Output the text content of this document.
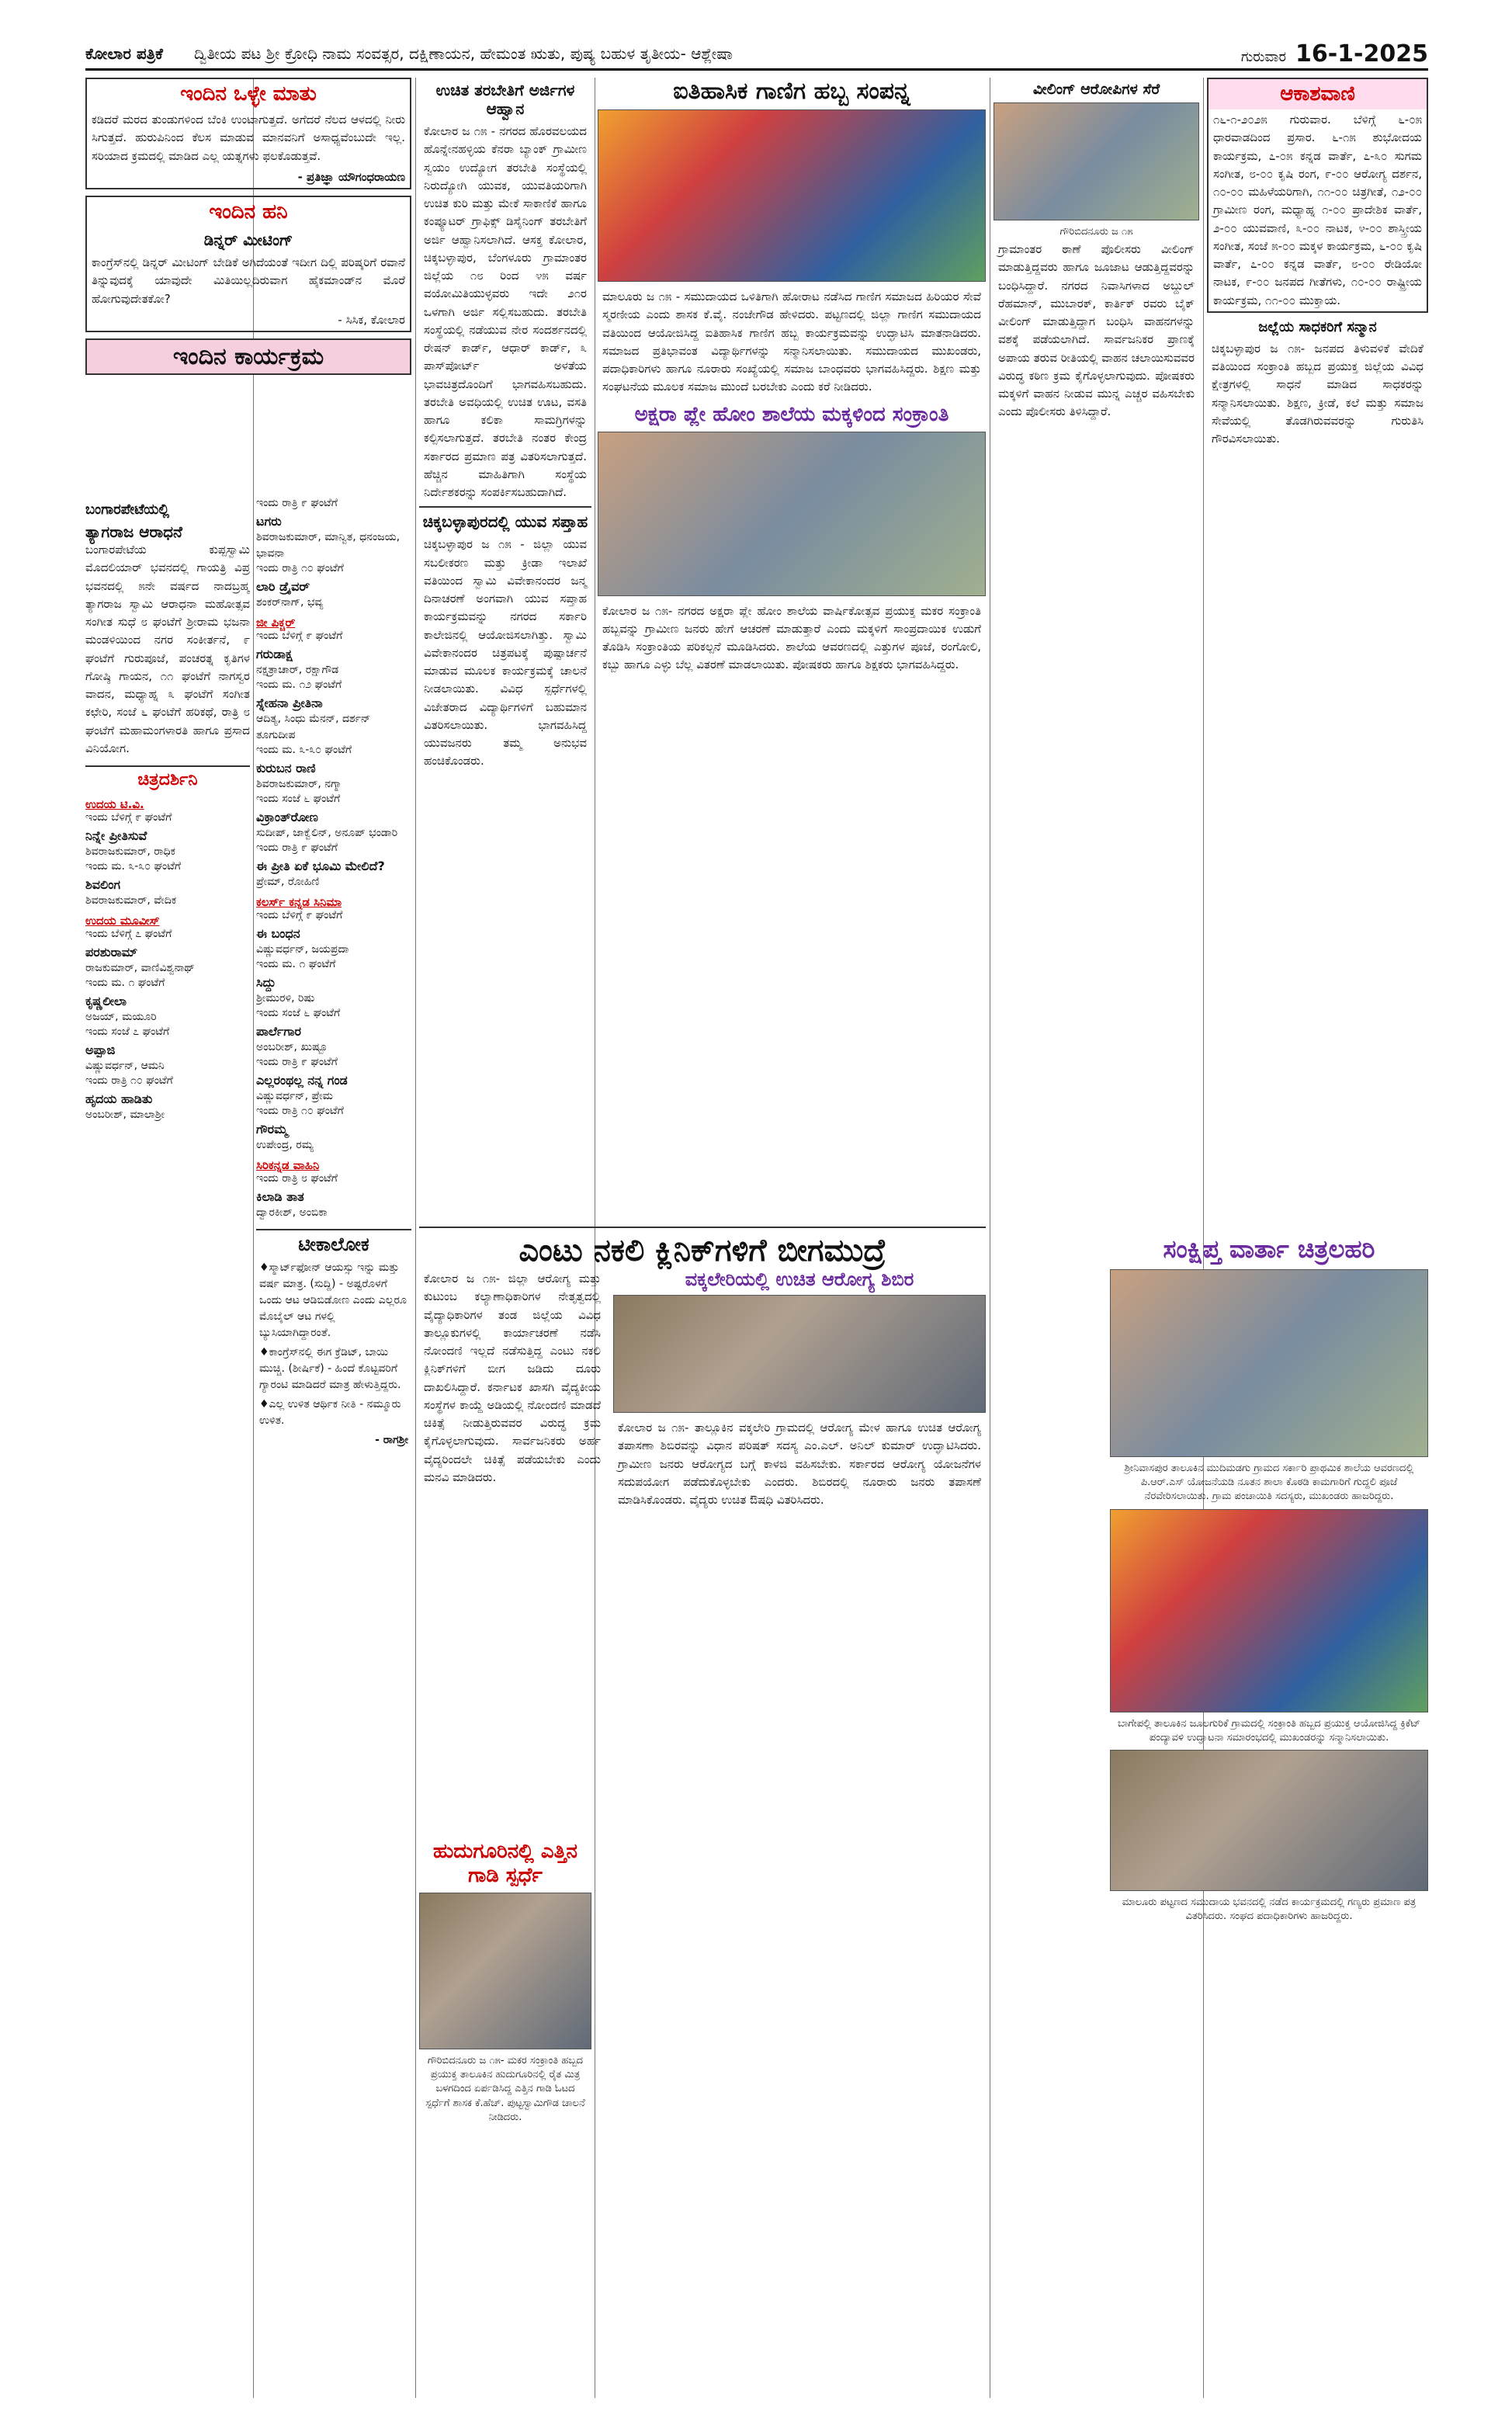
ಕೋಲಾರ ಪತ್ರಿಕೆ	ದ್ವಿತೀಯ ಪಟ ಶ್ರೀ ಕ್ರೋಧಿ ನಾಮ ಸಂವತ್ಸರ, ದಕ್ಷಿಣಾಯನ, ಹೇಮಂತ ಋತು, ಪುಷ್ಯ ಬಹುಳ ತೃತೀಯ- ಆಶ್ಲೇಷಾ	ಗುರುವಾರ 16-1-2025
ಇಂದಿನ ಒಳ್ಳೇ ಮಾತು
ಕಡಿದರೆ ಮರದ ತುಂಡುಗಳಿಂದ ಬೆಂಕಿ ಉಂಟಾಗುತ್ತದೆ. ಅಗೆದರೆ ನೆಲದ ಆಳದಲ್ಲಿ ನೀರು ಸಿಗುತ್ತದೆ. ಹುರುಪಿನಿಂದ ಕೆಲಸ ಮಾಡುವ ಮಾನವನಿಗೆ ಅಸಾಧ್ಯವೆಂಬುದೇ ಇಲ್ಲ. ಸರಿಯಾದ ಕ್ರಮದಲ್ಲಿ ಮಾಡಿದ ಎಲ್ಲ ಯತ್ನಗಳು ಫಲಕೊಡುತ್ತವೆ.
- ಪ್ರತಿಜ್ಞಾ ಯೌಗಂಧರಾಯಣ
ಇಂದಿನ ಹನಿ
ಡಿನ್ನರ್ ಮೀಟಿಂಗ್
ಕಾಂಗ್ರೆಸ್‌ನಲ್ಲಿ ಡಿನ್ನರ್ ಮೀಟಿಂಗ್ ಬೇಡಿಕೆ ಅಗಿದೆಯಂತೆ ಇದೀಗ ದಿಲ್ಲಿ ಪರಿಷ್ಕರಿಗೆ ರವಾನೆ ತಿನ್ನುವುದಕ್ಕೆ ಯಾವುದೇ ಮಿತಿಯಿಲ್ಲದಿರುವಾಗ ಹೈಕಮಾಂಡ್‌ನ ಮೊರೆ ಹೋಗುವುದೇತಕೋ?
- ಸಿಸಿಕ, ಕೋಲಾರ
ಇಂದಿನ ಕಾರ್ಯಕ್ರಮ
ಬಂಗಾರಪೇಟೆಯಲ್ಲಿ
ತ್ಯಾಗರಾಜ ಆರಾಧನೆ
ಬಂಗಾರಪೇಟೆಯ ಕುಪ್ಪಸ್ವಾಮಿ ಮೊದಲಿಯಾರ್ ಭವನದಲ್ಲಿ ಗಾಯತ್ರಿ ವಿಪ್ರ ಭವನದಲ್ಲಿ ೫ನೇ ವರ್ಷದ ನಾದಬ್ರಹ್ಮ ತ್ಯಾಗರಾಜ ಸ್ವಾಮಿ ಆರಾಧನಾ ಮಹೋತ್ಸವ ಸಂಗೀತ ಸುಧೆ ೮ ಘಂಟೆಗೆ ಶ್ರೀರಾಮ ಭಜನಾ ಮಂಡಳಿಯಿಂದ ನಗರ ಸಂಕೀರ್ತನೆ, ೯ ಘಂಟೆಗೆ ಗುರುಪೂಜೆ, ಪಂಚರತ್ನ ಕೃತಿಗಳ ಗೋಷ್ಠಿ ಗಾಯನ, ೧೧ ಘಂಟೆಗೆ ನಾಗಸ್ವರ ವಾದನ, ಮಧ್ಯಾಹ್ನ ೩ ಘಂಟೆಗೆ ಸಂಗೀತ ಕಛೇರಿ, ಸಂಜೆ ೬ ಘಂಟೆಗೆ ಹರಿಕಥೆ, ರಾತ್ರಿ ೮ ಘಂಟೆಗೆ ಮಹಾಮಂಗಳಾರತಿ ಹಾಗೂ ಪ್ರಸಾದ ವಿನಿಯೋಗ.
ಚಿತ್ರದರ್ಶಿನಿ
ಉದಯ ಟಿ.ವಿ.
ಇಂದು ಬೆಳಿಗ್ಗೆ ೯ ಘಂಟೆಗೆ
ನಿನ್ನೇ ಪ್ರೀತಿಸುವೆ
ಶಿವರಾಜಕುಮಾರ್, ರಾಧಿಕ
ಇಂದು ಮ. ೩-೩೦ ಘಂಟೆಗೆ
ಶಿವಲಿಂಗ
ಶಿವರಾಜಕುಮಾರ್, ವೇದಿಕ
ಉದಯ ಮೂವೀಸ್
ಇಂದು ಬೆಳಿಗ್ಗೆ ೭ ಘಂಟೆಗೆ
ಪರಶುರಾಮ್
ರಾಜಕುಮಾರ್, ವಾಣಿವಿಶ್ವನಾಥ್
ಇಂದು ಮ. ೧ ಘಂಟೆಗೆ
ಕೃಷ್ಣಲೀಲಾ
ಅಜಯ್, ಮಯೂರಿ
ಇಂದು ಸಂಜೆ ೭ ಘಂಟೆಗೆ
ಅಪ್ಪಾಜಿ
ವಿಷ್ಣುವರ್ಧನ್, ಆಮನಿ
ಇಂದು ರಾತ್ರಿ ೧೦ ಘಂಟೆಗೆ
ಹೃದಯ ಹಾಡಿತು
ಅಂಬರೀಶ್, ಮಾಲಾಶ್ರೀ
ಇಂದು ರಾತ್ರಿ ೯ ಘಂಟೆಗೆ
ಟಗರು
ಶಿವರಾಜಕುಮಾರ್, ಮಾನ್ವಿತ, ಧನಂಜಯ, ಭಾವನಾ
ಇಂದು ರಾತ್ರಿ ೧೦ ಘಂಟೆಗೆ
ಲಾರಿ ಡ್ರೈವರ್
ಶಂಕರ್‌ನಾಗ್, ಭವ್ಯ
ಜೀ ಪಿಕ್ಚರ್
ಇಂದು ಬೆಳಿಗ್ಗೆ ೯ ಘಂಟೆಗೆ
ಗರುಡಾಕ್ಷ
ನಕ್ಷತ್ರಾಚಾರ್, ರಕ್ಷಾಗೌಡ
ಇಂದು ಮ. ೧೨ ಘಂಟೆಗೆ
ಸ್ನೇಹನಾ ಪ್ರೀತಿನಾ
ಆದಿತ್ಯ, ಸಿಂಧು ಮೆನನ್, ದರ್ಶನ್ ತೂಗುದೀಪ
ಇಂದು ಮ. ೩-೩೦ ಘಂಟೆಗೆ
ಕುರುಬನ ರಾಣಿ
ಶಿವರಾಜಕುಮಾರ್, ನಗ್ಮಾ
ಇಂದು ಸಂಜೆ ೬ ಘಂಟೆಗೆ
ವಿಕ್ರಾಂತ್‌ರೋಣ
ಸುದೀಪ್, ಜಾಕ್ವೆಲಿನ್, ಅನೂಪ್ ಭಂಡಾರಿ
ಇಂದು ರಾತ್ರಿ ೯ ಘಂಟೆಗೆ
ಈ ಪ್ರೀತಿ ಏಕೆ ಭೂಮಿ ಮೇಲಿದೆ?
ಪ್ರೇಮ್, ರೋಹಿಣಿ
ಕಲರ್ಸ್ ಕನ್ನಡ ಸಿನಿಮಾ
ಇಂದು ಬೆಳಿಗ್ಗೆ ೯ ಘಂಟೆಗೆ
ಈ ಬಂಧನ
ವಿಷ್ಣುವರ್ಧನ್, ಜಯಪ್ರದಾ
ಇಂದು ಮ. ೧ ಘಂಟೆಗೆ
ಸಿದ್ದು
ಶ್ರೀಮುರಳಿ, ರಿಷು
ಇಂದು ಸಂಜೆ ೬ ಘಂಟೆಗೆ
ಪಾರ್ಲೆಗಾರ
ಅಂಬರೀಶ್, ಖುಷ್ಬೂ
ಇಂದು ರಾತ್ರಿ ೯ ಘಂಟೆಗೆ
ಎಲ್ಲರಂಥಲ್ಲ ನನ್ನ ಗಂಡ
ವಿಷ್ಣುವರ್ಧನ್, ಪ್ರೇಮ
ಇಂದು ರಾತ್ರಿ ೧೦ ಘಂಟೆಗೆ
ಗೌರಮ್ಮ
ಉಪೇಂದ್ರ, ರಮ್ಯ
ಸಿರಿಕನ್ನಡ ವಾಹಿನಿ
ಇಂದು ರಾತ್ರಿ ೮ ಘಂಟೆಗೆ
ಕಿಲಾಡಿ ತಾತ
ದ್ವಾರಕೀಶ್, ಅಂಬಿಕಾ
ಟೀಕಾಲೋಕ
♦ಸ್ಮಾರ್ಟ್‌ಫೋನ್ ಆಯಸ್ಸು ಇನ್ನು ಮತ್ತು ವರ್ಷ ಮಾತ್ರ. (ಸುದ್ದಿ) - ಅಷ್ಟರೊಳಗೆ ಒಂದು ಆಟ ಆಡಿಬಿಡೋಣ ಎಂದು ಎಲ್ಲರೂ ಮೊಬೈಲ್ ಆಟ ಗಳಲ್ಲಿ ಬ್ಯುಸಿಯಾಗಿದ್ದಾರಂತೆ.
♦ಕಾಂಗ್ರೆಸ್‌ನಲ್ಲಿ ಈಗ ಕ್ರೆಡಿಟ್, ಬಾಯಿ ಮುಚ್ಚಿ. (ಶೀರ್ಷಿಕೆ) - ಹಿಂದೆ ಕೊಟ್ಟವರಿಗೆ ಗ್ಯಾರಂಟಿ ಮಾಡಿದರೆ ಮಾತ್ರ ಹೇಳುತ್ತಿದ್ದರು.
♦ಎಲ್ಲ ಉಳಿತ ಆರ್ಥಿಕ ನೀತಿ - ನಮ್ಮೂರು ಉಳಿತ.
- ರಾಗಶ್ರೀ
ಉಚಿತ ತರಬೇತಿಗೆ ಅರ್ಜಿಗಳ ಆಹ್ವಾನ
ಕೋಲಾರ ಜ ೧೫ - ನಗರದ ಹೊರವಲಯದ ಹೊನ್ನೇನಹಳ್ಳಿಯ ಕೆನರಾ ಬ್ಯಾಂಕ್ ಗ್ರಾಮೀಣ ಸ್ವಯಂ ಉದ್ಯೋಗ ತರಬೇತಿ ಸಂಸ್ಥೆಯಲ್ಲಿ ನಿರುದ್ಯೋಗಿ ಯುವಕ, ಯುವತಿಯರಿಗಾಗಿ ಉಚಿತ ಕುರಿ ಮತ್ತು ಮೇಕೆ ಸಾಕಾಣಿಕೆ ಹಾಗೂ ಕಂಪ್ಯೂಟರ್ ಗ್ರಾಫಿಕ್ಸ್ ಡಿಸೈನಿಂಗ್ ತರಬೇತಿಗೆ ಅರ್ಜಿ ಆಹ್ವಾನಿಸಲಾಗಿದೆ. ಆಸಕ್ತ ಕೋಲಾರ, ಚಿಕ್ಕಬಳ್ಳಾಪುರ, ಬೆಂಗಳೂರು ಗ್ರಾಮಾಂತರ ಜಿಲ್ಲೆಯ ೧೮ ರಿಂದ ೪೫ ವರ್ಷ ವಯೋಮಿತಿಯುಳ್ಳವರು ಇದೇ ೨೧ರ ಒಳಗಾಗಿ ಅರ್ಜಿ ಸಲ್ಲಿಸಬಹುದು. ತರಬೇತಿ ಸಂಸ್ಥೆಯಲ್ಲಿ ನಡೆಯುವ ನೇರ ಸಂದರ್ಶನದಲ್ಲಿ ರೇಷನ್ ಕಾರ್ಡ್, ಆಧಾರ್ ಕಾರ್ಡ್, ೩ ಪಾಸ್‌ಪೋರ್ಟ್ ಅಳತೆಯ ಭಾವಚಿತ್ರದೊಂದಿಗೆ ಭಾಗವಹಿಸಬಹುದು. ತರಬೇತಿ ಅವಧಿಯಲ್ಲಿ ಉಚಿತ ಊಟ, ವಸತಿ ಹಾಗೂ ಕಲಿಕಾ ಸಾಮಗ್ರಿಗಳನ್ನು ಕಲ್ಪಿಸಲಾಗುತ್ತದೆ. ತರಬೇತಿ ನಂತರ ಕೇಂದ್ರ ಸರ್ಕಾರದ ಪ್ರಮಾಣ ಪತ್ರ ವಿತರಿಸಲಾಗುತ್ತದೆ. ಹೆಚ್ಚಿನ ಮಾಹಿತಿಗಾಗಿ ಸಂಸ್ಥೆಯ ನಿರ್ದೇಶಕರನ್ನು ಸಂಪರ್ಕಿಸಬಹುದಾಗಿದೆ.
ಚಿಕ್ಕಬಳ್ಳಾಪುರದಲ್ಲಿ ಯುವ ಸಪ್ತಾಹ
ಚಿಕ್ಕಬಳ್ಳಾಪುರ ಜ ೧೫ - ಜಿಲ್ಲಾ ಯುವ ಸಬಲೀಕರಣ ಮತ್ತು ಕ್ರೀಡಾ ಇಲಾಖೆ ವತಿಯಿಂದ ಸ್ವಾಮಿ ವಿವೇಕಾನಂದರ ಜನ್ಮ ದಿನಾಚರಣೆ ಅಂಗವಾಗಿ ಯುವ ಸಪ್ತಾಹ ಕಾರ್ಯಕ್ರಮವನ್ನು ನಗರದ ಸರ್ಕಾರಿ ಕಾಲೇಜಿನಲ್ಲಿ ಆಯೋಜಿಸಲಾಗಿತ್ತು. ಸ್ವಾಮಿ ವಿವೇಕಾನಂದರ ಚಿತ್ರಪಟಕ್ಕೆ ಪುಷ್ಪಾರ್ಚನೆ ಮಾಡುವ ಮೂಲಕ ಕಾರ್ಯಕ್ರಮಕ್ಕೆ ಚಾಲನೆ ನೀಡಲಾಯಿತು. ವಿವಿಧ ಸ್ಪರ್ಧೆಗಳಲ್ಲಿ ವಿಜೇತರಾದ ವಿದ್ಯಾರ್ಥಿಗಳಿಗೆ ಬಹುಮಾನ ವಿತರಿಸಲಾಯಿತು. ಭಾಗವಹಿಸಿದ್ದ ಯುವಜನರು ತಮ್ಮ ಅನುಭವ ಹಂಚಿಕೊಂಡರು.
ಐತಿಹಾಸಿಕ ಗಾಣಿಗ ಹಬ್ಬ ಸಂಪನ್ನ
ಮಾಲೂರು ಜ ೧೫ - ಸಮುದಾಯದ ಒಳಿತಿಗಾಗಿ ಹೋರಾಟ ನಡೆಸಿದ ಗಾಣಿಗ ಸಮಾಜದ ಹಿರಿಯರ ಸೇವೆ ಸ್ಮರಣೀಯ ಎಂದು ಶಾಸಕ ಕೆ.ವೈ. ನಂಜೇಗೌಡ ಹೇಳಿದರು. ಪಟ್ಟಣದಲ್ಲಿ ಜಿಲ್ಲಾ ಗಾಣಿಗ ಸಮುದಾಯದ ವತಿಯಿಂದ ಆಯೋಜಿಸಿದ್ದ ಐತಿಹಾಸಿಕ ಗಾಣಿಗ ಹಬ್ಬ ಕಾರ್ಯಕ್ರಮವನ್ನು ಉದ್ಘಾಟಿಸಿ ಮಾತನಾಡಿದರು. ಸಮಾಜದ ಪ್ರತಿಭಾವಂತ ವಿದ್ಯಾರ್ಥಿಗಳನ್ನು ಸನ್ಮಾನಿಸಲಾಯಿತು. ಸಮುದಾಯದ ಮುಖಂಡರು, ಪದಾಧಿಕಾರಿಗಳು ಹಾಗೂ ನೂರಾರು ಸಂಖ್ಯೆಯಲ್ಲಿ ಸಮಾಜ ಬಾಂಧವರು ಭಾಗವಹಿಸಿದ್ದರು. ಶಿಕ್ಷಣ ಮತ್ತು ಸಂಘಟನೆಯ ಮೂಲಕ ಸಮಾಜ ಮುಂದೆ ಬರಬೇಕು ಎಂದು ಕರೆ ನೀಡಿದರು.
ಅಕ್ಷರಾ ಪ್ಲೇ ಹೋಂ ಶಾಲೆಯ ಮಕ್ಕಳಿಂದ ಸಂಕ್ರಾಂತಿ
ಕೋಲಾರ ಜ ೧೫- ನಗರದ ಅಕ್ಷರಾ ಪ್ಲೇ ಹೋಂ ಶಾಲೆಯ ವಾರ್ಷಿಕೋತ್ಸವ ಪ್ರಯುಕ್ತ ಮಕರ ಸಂಕ್ರಾಂತಿ ಹಬ್ಬವನ್ನು ಗ್ರಾಮೀಣ ಜನರು ಹೇಗೆ ಆಚರಣೆ ಮಾಡುತ್ತಾರೆ ಎಂದು ಮಕ್ಕಳಿಗೆ ಸಾಂಪ್ರದಾಯಿಕ ಉಡುಗೆ ತೊಡಿಸಿ ಸಂಕ್ರಾಂತಿಯ ಪರಿಕಲ್ಪನೆ ಮೂಡಿಸಿದರು. ಶಾಲೆಯ ಆವರಣದಲ್ಲಿ ಎತ್ತುಗಳ ಪೂಜೆ, ರಂಗೋಲಿ, ಕಬ್ಬು ಹಾಗೂ ಎಳ್ಳು ಬೆಲ್ಲ ವಿತರಣೆ ಮಾಡಲಾಯಿತು. ಪೋಷಕರು ಹಾಗೂ ಶಿಕ್ಷಕರು ಭಾಗವಹಿಸಿದ್ದರು.
ಎಂಟು ನಕಲಿ ಕ್ಲಿನಿಕ್‌ಗಳಿಗೆ ಬೀಗಮುದ್ರೆ
ಕೋಲಾರ ಜ ೧೫- ಜಿಲ್ಲಾ ಆರೋಗ್ಯ ಮತ್ತು ಕುಟುಂಬ ಕಲ್ಯಾಣಾಧಿಕಾರಿಗಳ ನೇತೃತ್ವದಲ್ಲಿ ವೈದ್ಯಾಧಿಕಾರಿಗಳ ತಂಡ ಜಿಲ್ಲೆಯ ವಿವಿಧ ತಾಲ್ಲೂಕುಗಳಲ್ಲಿ ಕಾರ್ಯಾಚರಣೆ ನಡೆಸಿ ನೋಂದಣಿ ಇಲ್ಲದೆ ನಡೆಸುತ್ತಿದ್ದ ಎಂಟು ನಕಲಿ ಕ್ಲಿನಿಕ್‌ಗಳಿಗೆ ಬೀಗ ಜಡಿದು ದೂರು ದಾಖಲಿಸಿದ್ದಾರೆ. ಕರ್ನಾಟಕ ಖಾಸಗಿ ವೈದ್ಯಕೀಯ ಸಂಸ್ಥೆಗಳ ಕಾಯ್ದೆ ಅಡಿಯಲ್ಲಿ ನೋಂದಣಿ ಮಾಡದೆ ಚಿಕಿತ್ಸೆ ನೀಡುತ್ತಿರುವವರ ವಿರುದ್ಧ ಕ್ರಮ ಕೈಗೊಳ್ಳಲಾಗುವುದು. ಸಾರ್ವಜನಿಕರು ಅರ್ಹ ವೈದ್ಯರಿಂದಲೇ ಚಿಕಿತ್ಸೆ ಪಡೆಯಬೇಕು ಎಂದು ಮನವಿ ಮಾಡಿದರು.
ವಕ್ಕಲೇರಿಯಲ್ಲಿ ಉಚಿತ ಆರೋಗ್ಯ ಶಿಬಿರ
ಕೋಲಾರ ಜ ೧೫- ತಾಲ್ಲೂಕಿನ ವಕ್ಕಲೇರಿ ಗ್ರಾಮದಲ್ಲಿ ಆರೋಗ್ಯ ಮೇಳ ಹಾಗೂ ಉಚಿತ ಆರೋಗ್ಯ ತಪಾಸಣಾ ಶಿಬಿರವನ್ನು ವಿಧಾನ ಪರಿಷತ್ ಸದಸ್ಯ ಎಂ.ಎಲ್. ಅನಿಲ್ ಕುಮಾರ್ ಉದ್ಘಾಟಿಸಿದರು. ಗ್ರಾಮೀಣ ಜನರು ಆರೋಗ್ಯದ ಬಗ್ಗೆ ಕಾಳಜಿ ವಹಿಸಬೇಕು. ಸರ್ಕಾರದ ಆರೋಗ್ಯ ಯೋಜನೆಗಳ ಸದುಪಯೋಗ ಪಡೆದುಕೊಳ್ಳಬೇಕು ಎಂದರು. ಶಿಬಿರದಲ್ಲಿ ನೂರಾರು ಜನರು ತಪಾಸಣೆ ಮಾಡಿಸಿಕೊಂಡರು. ವೈದ್ಯರು ಉಚಿತ ಔಷಧಿ ವಿತರಿಸಿದರು.
ಹುದುಗೂರಿನಲ್ಲಿ ಎತ್ತಿನ ಗಾಡಿ ಸ್ಪರ್ಧೆ
ಗೌರಿಬಿದನೂರು ಜ ೧೫- ಮಕರ ಸಂಕ್ರಾಂತಿ ಹಬ್ಬದ ಪ್ರಯುಕ್ತ ತಾಲೂಕಿನ ಹುದುಗೂರಿನಲ್ಲಿ ರೈತ ಮಿತ್ರ ಬಳಗದಿಂದ ಏರ್ಪಡಿಸಿದ್ದ ಎತ್ತಿನ ಗಾಡಿ ಓಟದ ಸ್ಪರ್ಧೆಗೆ ಶಾಸಕ ಕೆ.ಹೆಚ್. ಪುಟ್ಟಸ್ವಾಮಿಗೌಡ ಚಾಲನೆ ನೀಡಿದರು.
ವೀಲಿಂಗ್ ಆರೋಪಿಗಳ ಸೆರೆ
ಗೌರಿಬಿದನೂರು ಜ ೧೫
ಗ್ರಾಮಾಂತರ ಠಾಣೆ ಪೊಲೀಸರು ವೀಲಿಂಗ್ ಮಾಡುತ್ತಿದ್ದವರು ಹಾಗೂ ಜೂಜಾಟ ಆಡುತ್ತಿದ್ದವರನ್ನು ಬಂಧಿಸಿದ್ದಾರೆ. ನಗರದ ನಿವಾಸಿಗಳಾದ ಅಬ್ದುಲ್ ರೆಹಮಾನ್, ಮುಬಾರಕ್, ಕಾರ್ತಿಕ್ ರವರು ಬೈಕ್ ವೀಲಿಂಗ್ ಮಾಡುತ್ತಿದ್ದಾಗ ಬಂಧಿಸಿ ವಾಹನಗಳನ್ನು ವಶಕ್ಕೆ ಪಡೆಯಲಾಗಿದೆ. ಸಾರ್ವಜನಿಕರ ಪ್ರಾಣಕ್ಕೆ ಅಪಾಯ ತರುವ ರೀತಿಯಲ್ಲಿ ವಾಹನ ಚಲಾಯಿಸುವವರ ವಿರುದ್ಧ ಕಠಿಣ ಕ್ರಮ ಕೈಗೊಳ್ಳಲಾಗುವುದು. ಪೋಷಕರು ಮಕ್ಕಳಿಗೆ ವಾಹನ ನೀಡುವ ಮುನ್ನ ಎಚ್ಚರ ವಹಿಸಬೇಕು ಎಂದು ಪೊಲೀಸರು ತಿಳಿಸಿದ್ದಾರೆ.
ಆಕಾಶವಾಣಿ
೧೬-೧-೨೦೨೫ ಗುರುವಾರ. ಬೆಳಿಗ್ಗೆ ೬-೦೫ ಧಾರವಾಡದಿಂದ ಪ್ರಸಾರ. ೬-೧೫ ಶುಭೋದಯ ಕಾರ್ಯಕ್ರಮ, ೭-೦೫ ಕನ್ನಡ ವಾರ್ತೆ, ೭-೩೦ ಸುಗಮ ಸಂಗೀತ, ೮-೦೦ ಕೃಷಿ ರಂಗ, ೯-೦೦ ಆರೋಗ್ಯ ದರ್ಶನ, ೧೦-೦೦ ಮಹಿಳೆಯರಿಗಾಗಿ, ೧೧-೦೦ ಚಿತ್ರಗೀತೆ, ೧೨-೦೦ ಗ್ರಾಮೀಣ ರಂಗ, ಮಧ್ಯಾಹ್ನ ೧-೦೦ ಪ್ರಾದೇಶಿಕ ವಾರ್ತೆ, ೨-೦೦ ಯುವವಾಣಿ, ೩-೦೦ ನಾಟಕ, ೪-೦೦ ಶಾಸ್ತ್ರೀಯ ಸಂಗೀತ, ಸಂಜೆ ೫-೦೦ ಮಕ್ಕಳ ಕಾರ್ಯಕ್ರಮ, ೬-೦೦ ಕೃಷಿ ವಾರ್ತೆ, ೭-೦೦ ಕನ್ನಡ ವಾರ್ತೆ, ೮-೦೦ ರೇಡಿಯೋ ನಾಟಕ, ೯-೦೦ ಜನಪದ ಗೀತೆಗಳು, ೧೦-೦೦ ರಾಷ್ಟ್ರೀಯ ಕಾರ್ಯಕ್ರಮ, ೧೧-೦೦ ಮುಕ್ತಾಯ.
ಜಲ್ಲೆಯ ಸಾಧಕರಿಗೆ ಸನ್ಮಾನ
ಚಿಕ್ಕಬಳ್ಳಾಪುರ ಜ ೧೫- ಜನಪದ ತಿಳುವಳಿಕೆ ವೇದಿಕೆ ವತಿಯಿಂದ ಸಂಕ್ರಾಂತಿ ಹಬ್ಬದ ಪ್ರಯುಕ್ತ ಜಿಲ್ಲೆಯ ವಿವಿಧ ಕ್ಷೇತ್ರಗಳಲ್ಲಿ ಸಾಧನೆ ಮಾಡಿದ ಸಾಧಕರನ್ನು ಸನ್ಮಾನಿಸಲಾಯಿತು. ಶಿಕ್ಷಣ, ಕ್ರೀಡೆ, ಕಲೆ ಮತ್ತು ಸಮಾಜ ಸೇವೆಯಲ್ಲಿ ತೊಡಗಿರುವವರನ್ನು ಗುರುತಿಸಿ ಗೌರವಿಸಲಾಯಿತು.
ಸಂಕ್ಷಿಪ್ತ ವಾರ್ತಾ ಚಿತ್ರಲಹರಿ
ಶ್ರೀನಿವಾಸಪುರ ತಾಲೂಕಿನ ಮುದಿಮಡಗು ಗ್ರಾಮದ ಸರ್ಕಾರಿ ಪ್ರಾಥಮಿಕ ಶಾಲೆಯ ಆವರಣದಲ್ಲಿ ಪಿ.ಆರ್.ಎಸ್ ಯೋಜನೆಯಡಿ ನೂತನ ಶಾಲಾ ಕೊಠಡಿ ಕಾಮಗಾರಿಗೆ ಗುದ್ದಲಿ ಪೂಜೆ ನೆರವೇರಿಸಲಾಯಿತು. ಗ್ರಾಮ ಪಂಚಾಯಿತಿ ಸದಸ್ಯರು, ಮುಖಂಡರು ಹಾಜರಿದ್ದರು.
ಬಾಗೇಪಲ್ಲಿ ತಾಲೂಕಿನ ಜೂಲಗುರಿಕೆ ಗ್ರಾಮದಲ್ಲಿ ಸಂಕ್ರಾಂತಿ ಹಬ್ಬದ ಪ್ರಯುಕ್ತ ಆಯೋಜಿಸಿದ್ದ ಕ್ರಿಕೆಟ್ ಪಂದ್ಯಾವಳಿ ಉದ್ಘಾಟನಾ ಸಮಾರಂಭದಲ್ಲಿ ಮುಖಂಡರನ್ನು ಸನ್ಮಾನಿಸಲಾಯಿತು.
ಮಾಲೂರು ಪಟ್ಟಣದ ಸಮುದಾಯ ಭವನದಲ್ಲಿ ನಡೆದ ಕಾರ್ಯಕ್ರಮದಲ್ಲಿ ಗಣ್ಯರು ಪ್ರಮಾಣ ಪತ್ರ ವಿತರಿಸಿದರು. ಸಂಘದ ಪದಾಧಿಕಾರಿಗಳು ಹಾಜರಿದ್ದರು.
